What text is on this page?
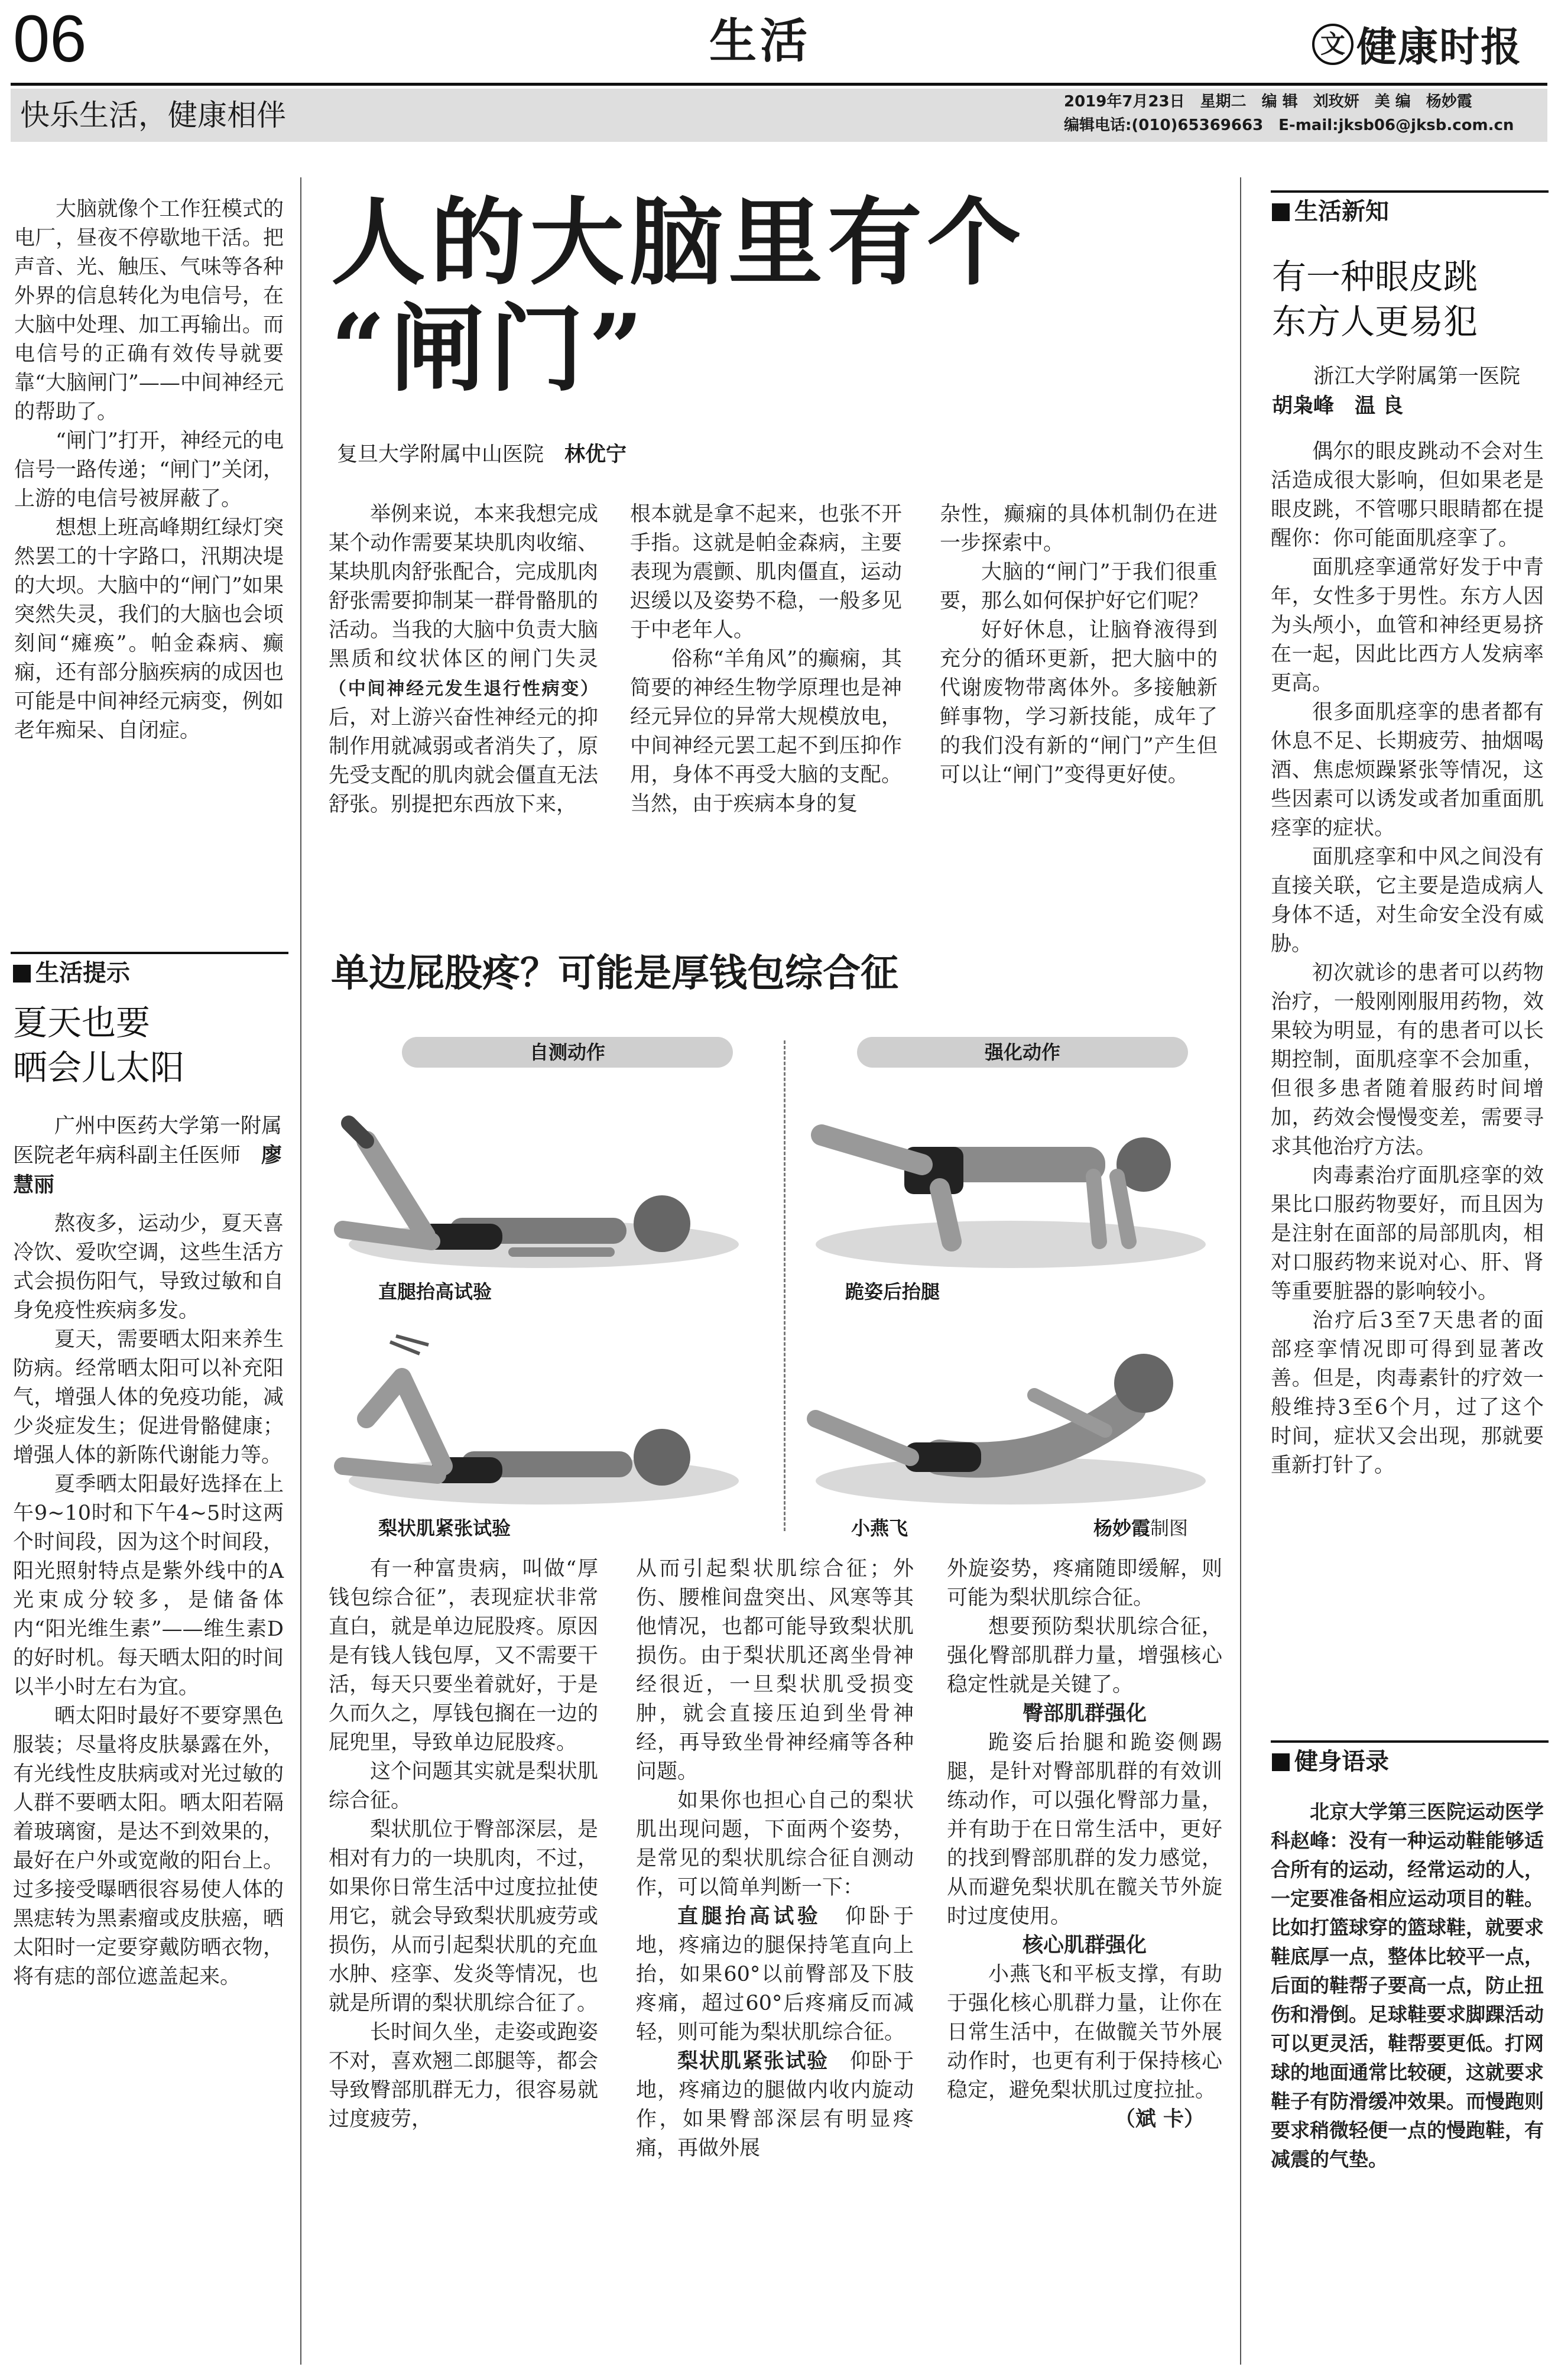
06	生活	文 健康时报
快乐生活，健康相伴	2019年7月23日　星期二　编 辑　刘玫妍　美 编　杨妙霞
编辑电话:(010)65369663　E-mail:jksb06@jksb.com.cn

大脑就像个工作狂模式的电厂，昼夜不停歇地干活。把声音、光、触压、气味等各种外界的信息转化为电信号，在大脑中处理、加工再输出。而电信号的正确有效传导就要靠“大脑闸门”——中间神经元的帮助了。

“闸门”打开，神经元的电信号一路传递；“闸门”关闭，上游的电信号被屏蔽了。

想想上班高峰期红绿灯突然罢工的十字路口，汛期决堤的大坝。大脑中的“闸门”如果突然失灵，我们的大脑也会顷刻间“瘫痪”。帕金森病、癫痫，还有部分脑疾病的成因也可能是中间神经元病变，例如老年痴呆、自闭症。

生活提示
夏天也要
晒会儿太阳
广州中医药大学第一附属医院老年病科副主任医师　 廖慧丽

熬夜多，运动少，夏天喜冷饮、爱吹空调，这些生活方式会损伤阳气，导致过敏和自身免疫性疾病多发。

夏天，需要晒太阳来养生防病。经常晒太阳可以补充阳气，增强人体的免疫功能，减少炎症发生；促进骨骼健康；增强人体的新陈代谢能力等。

夏季晒太阳最好选择在上午9~10时和下午4~5时这两个时间段，因为这个时间段，阳光照射特点是紫外线中的A光束成分较多，是储备体内“阳光维生素”——维生素D的好时机。每天晒太阳的时间以半小时左右为宜。

晒太阳时最好不要穿黑色服装；尽量将皮肤暴露在外，有光线性皮肤病或对光过敏的人群不要晒太阳。晒太阳若隔着玻璃窗，是达不到效果的，最好在户外或宽敞的阳台上。过多接受曝晒很容易使人体的黑痣转为黑素瘤或皮肤癌，晒太阳时一定要穿戴防晒衣物，将有痣的部位遮盖起来。

人的大脑里有个
“闸门”
复旦大学附属中山医院　 林优宁

举例来说，本来我想完成某个动作需要某块肌肉收缩、某块肌肉舒张配合，完成肌肉舒张需要抑制某一群骨骼肌的活动。当我的大脑中负责大脑黑质和纹状体区的闸门失灵（中间神经元发生退行性病变）后，对上游兴奋性神经元的抑制作用就减弱或者消失了，原先受支配的肌肉就会僵直无法舒张。别提把东西放下来，

根本就是拿不起来，也张不开手指。这就是帕金森病，主要表现为震颤、肌肉僵直，运动迟缓以及姿势不稳，一般多见于中老年人。

俗称“羊角风”的癫痫，其简要的神经生物学原理也是神经元异位的异常大规模放电，中间神经元罢工起不到压抑作用，身体不再受大脑的支配。当然，由于疾病本身的复

杂性，癫痫的具体机制仍在进一步探索中。

大脑的“闸门”于我们很重要，那么如何保护好它们呢？

好好休息，让脑脊液得到充分的循环更新，把大脑中的代谢废物带离体外。多接触新鲜事物，学习新技能，成年了的我们没有新的“闸门”产生但可以让“闸门”变得更好使。

单边屁股疼？可能是厚钱包综合征
自测动作	强化动作
直腿抬高试验	跪姿后抬腿
梨状肌紧张试验	小燕飞	杨妙霞制图

有一种富贵病，叫做“厚钱包综合征”，表现症状非常直白，就是单边屁股疼。原因是有钱人钱包厚，又不需要干活，每天只要坐着就好，于是久而久之，厚钱包搁在一边的屁兜里，导致单边屁股疼。

这个问题其实就是梨状肌综合征。

梨状肌位于臀部深层，是相对有力的一块肌肉，不过，如果你日常生活中过度拉扯使用它，就会导致梨状肌疲劳或损伤，从而引起梨状肌的充血水肿、痉挛、发炎等情况，也就是所谓的梨状肌综合征了。

长时间久坐，走姿或跑姿不对，喜欢翘二郎腿等，都会导致臀部肌群无力，很容易就过度疲劳，

从而引起梨状肌综合征；外伤、腰椎间盘突出、风寒等其他情况，也都可能导致梨状肌损伤。由于梨状肌还离坐骨神经很近，一旦梨状肌受损变肿，就会直接压迫到坐骨神经，再导致坐骨神经痛等各种问题。

如果你也担心自己的梨状肌出现问题，下面两个姿势，是常见的梨状肌综合征自测动作，可以简单判断一下：

直腿抬高试验　 仰卧于地，疼痛边的腿保持笔直向上抬，如果60°以前臀部及下肢疼痛，超过60°后疼痛反而减轻，则可能为梨状肌综合征。

梨状肌紧张试验　 仰卧于地，疼痛边的腿做内收内旋动作，如果臀部深层有明显疼痛，再做外展

外旋姿势，疼痛随即缓解，则可能为梨状肌综合征。

想要预防梨状肌综合征，强化臀部肌群力量，增强核心稳定性就是关键了。

臀部肌群强化

跪姿后抬腿和跪姿侧踢腿，是针对臀部肌群的有效训练动作，可以强化臀部力量，并有助于在日常生活中，更好的找到臀部肌群的发力感觉，从而避免梨状肌在髋关节外旋时过度使用。

核心肌群强化

小燕飞和平板支撑，有助于强化核心肌群力量，让你在日常生活中，在做髋关节外展动作时，也更有利于保持核心稳定，避免梨状肌过度拉扯。

（斌 卡）

生活新知
有一种眼皮跳
东方人更易犯
浙江大学附属第一医院　胡枭峰　温 良

偶尔的眼皮跳动不会对生活造成很大影响，但如果老是眼皮跳，不管哪只眼睛都在提醒你：你可能面肌痉挛了。

面肌痉挛通常好发于中青年，女性多于男性。东方人因为头颅小，血管和神经更易挤在一起，因此比西方人发病率更高。

很多面肌痉挛的患者都有休息不足、长期疲劳、抽烟喝酒、焦虑烦躁紧张等情况，这些因素可以诱发或者加重面肌痉挛的症状。

面肌痉挛和中风之间没有直接关联，它主要是造成病人身体不适，对生命安全没有威胁。

初次就诊的患者可以药物治疗，一般刚刚服用药物，效果较为明显，有的患者可以长期控制，面肌痉挛不会加重，但很多患者随着服药时间增加，药效会慢慢变差，需要寻求其他治疗方法。

肉毒素治疗面肌痉挛的效果比口服药物要好，而且因为是注射在面部的局部肌肉，相对口服药物来说对心、肝、肾等重要脏器的影响较小。

治疗后3至7天患者的面部痉挛情况即可得到显著改善。但是，肉毒素针的疗效一般维持3至6个月，过了这个时间，症状又会出现，那就要重新打针了。

健身语录

北京大学第三医院运动医学科赵峰：没有一种运动鞋能够适合所有的运动，经常运动的人，一定要准备相应运动项目的鞋。比如打篮球穿的篮球鞋，就要求鞋底厚一点，整体比较平一点，后面的鞋帮子要高一点，防止扭伤和滑倒。足球鞋要求脚踝活动可以更灵活，鞋帮要更低。打网球的地面通常比较硬，这就要求鞋子有防滑缓冲效果。而慢跑则要求稍微轻便一点的慢跑鞋，有减震的气垫。
